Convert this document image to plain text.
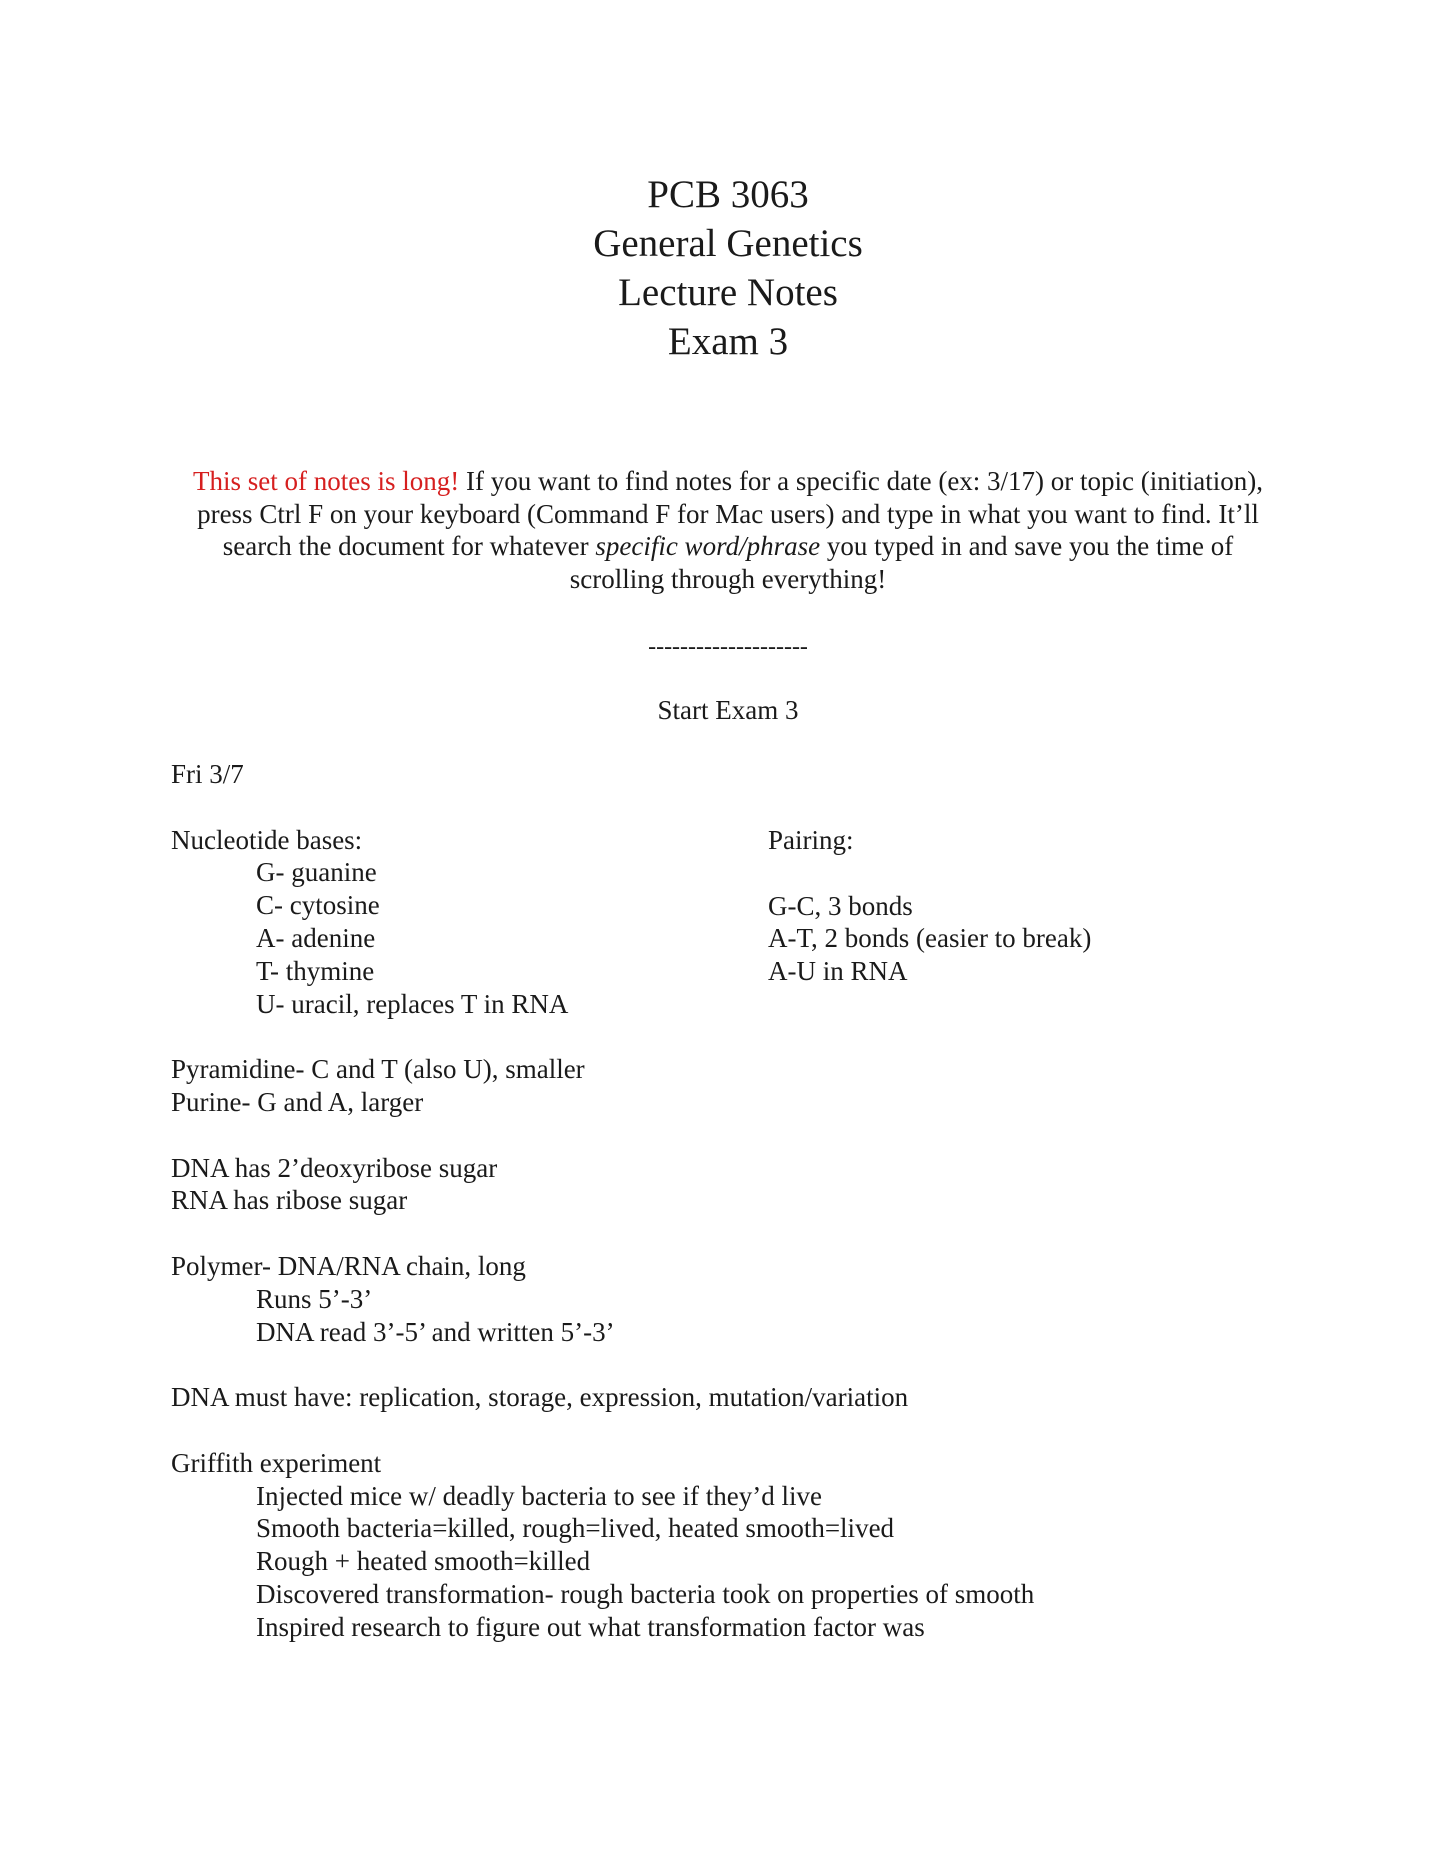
PCB 3063
General Genetics
Lecture Notes
Exam 3
This set of notes is long! If you want to find notes for a specific date (ex: 3/17) or topic (initiation), press Ctrl F on your keyboard (Command F for Mac users) and type in what you want to find. It’ll search the document for whatever specific word/phrase you typed in and save you the time of scrolling through everything!
--------------------
Start Exam 3
Fri 3/7
Nucleotide bases:
G- guanine
C- cytosine
A- adenine
T- thymine
U- uracil, replaces T in RNA
Pyramidine- C and T (also U), smaller
Purine- G and A, larger
DNA has 2’deoxyribose sugar
RNA has ribose sugar
Polymer- DNA/RNA chain, long
Runs 5’-3’
DNA read 3’-5’ and written 5’-3’
DNA must have: replication, storage, expression, mutation/variation
Griffith experiment
Injected mice w/ deadly bacteria to see if they’d live
Smooth bacteria=killed, rough=lived, heated smooth=lived
Rough + heated smooth=killed
Discovered transformation- rough bacteria took on properties of smooth
Inspired research to figure out what transformation factor was
Pairing:
G-C, 3 bonds
A-T, 2 bonds (easier to break)
A-U in RNA
